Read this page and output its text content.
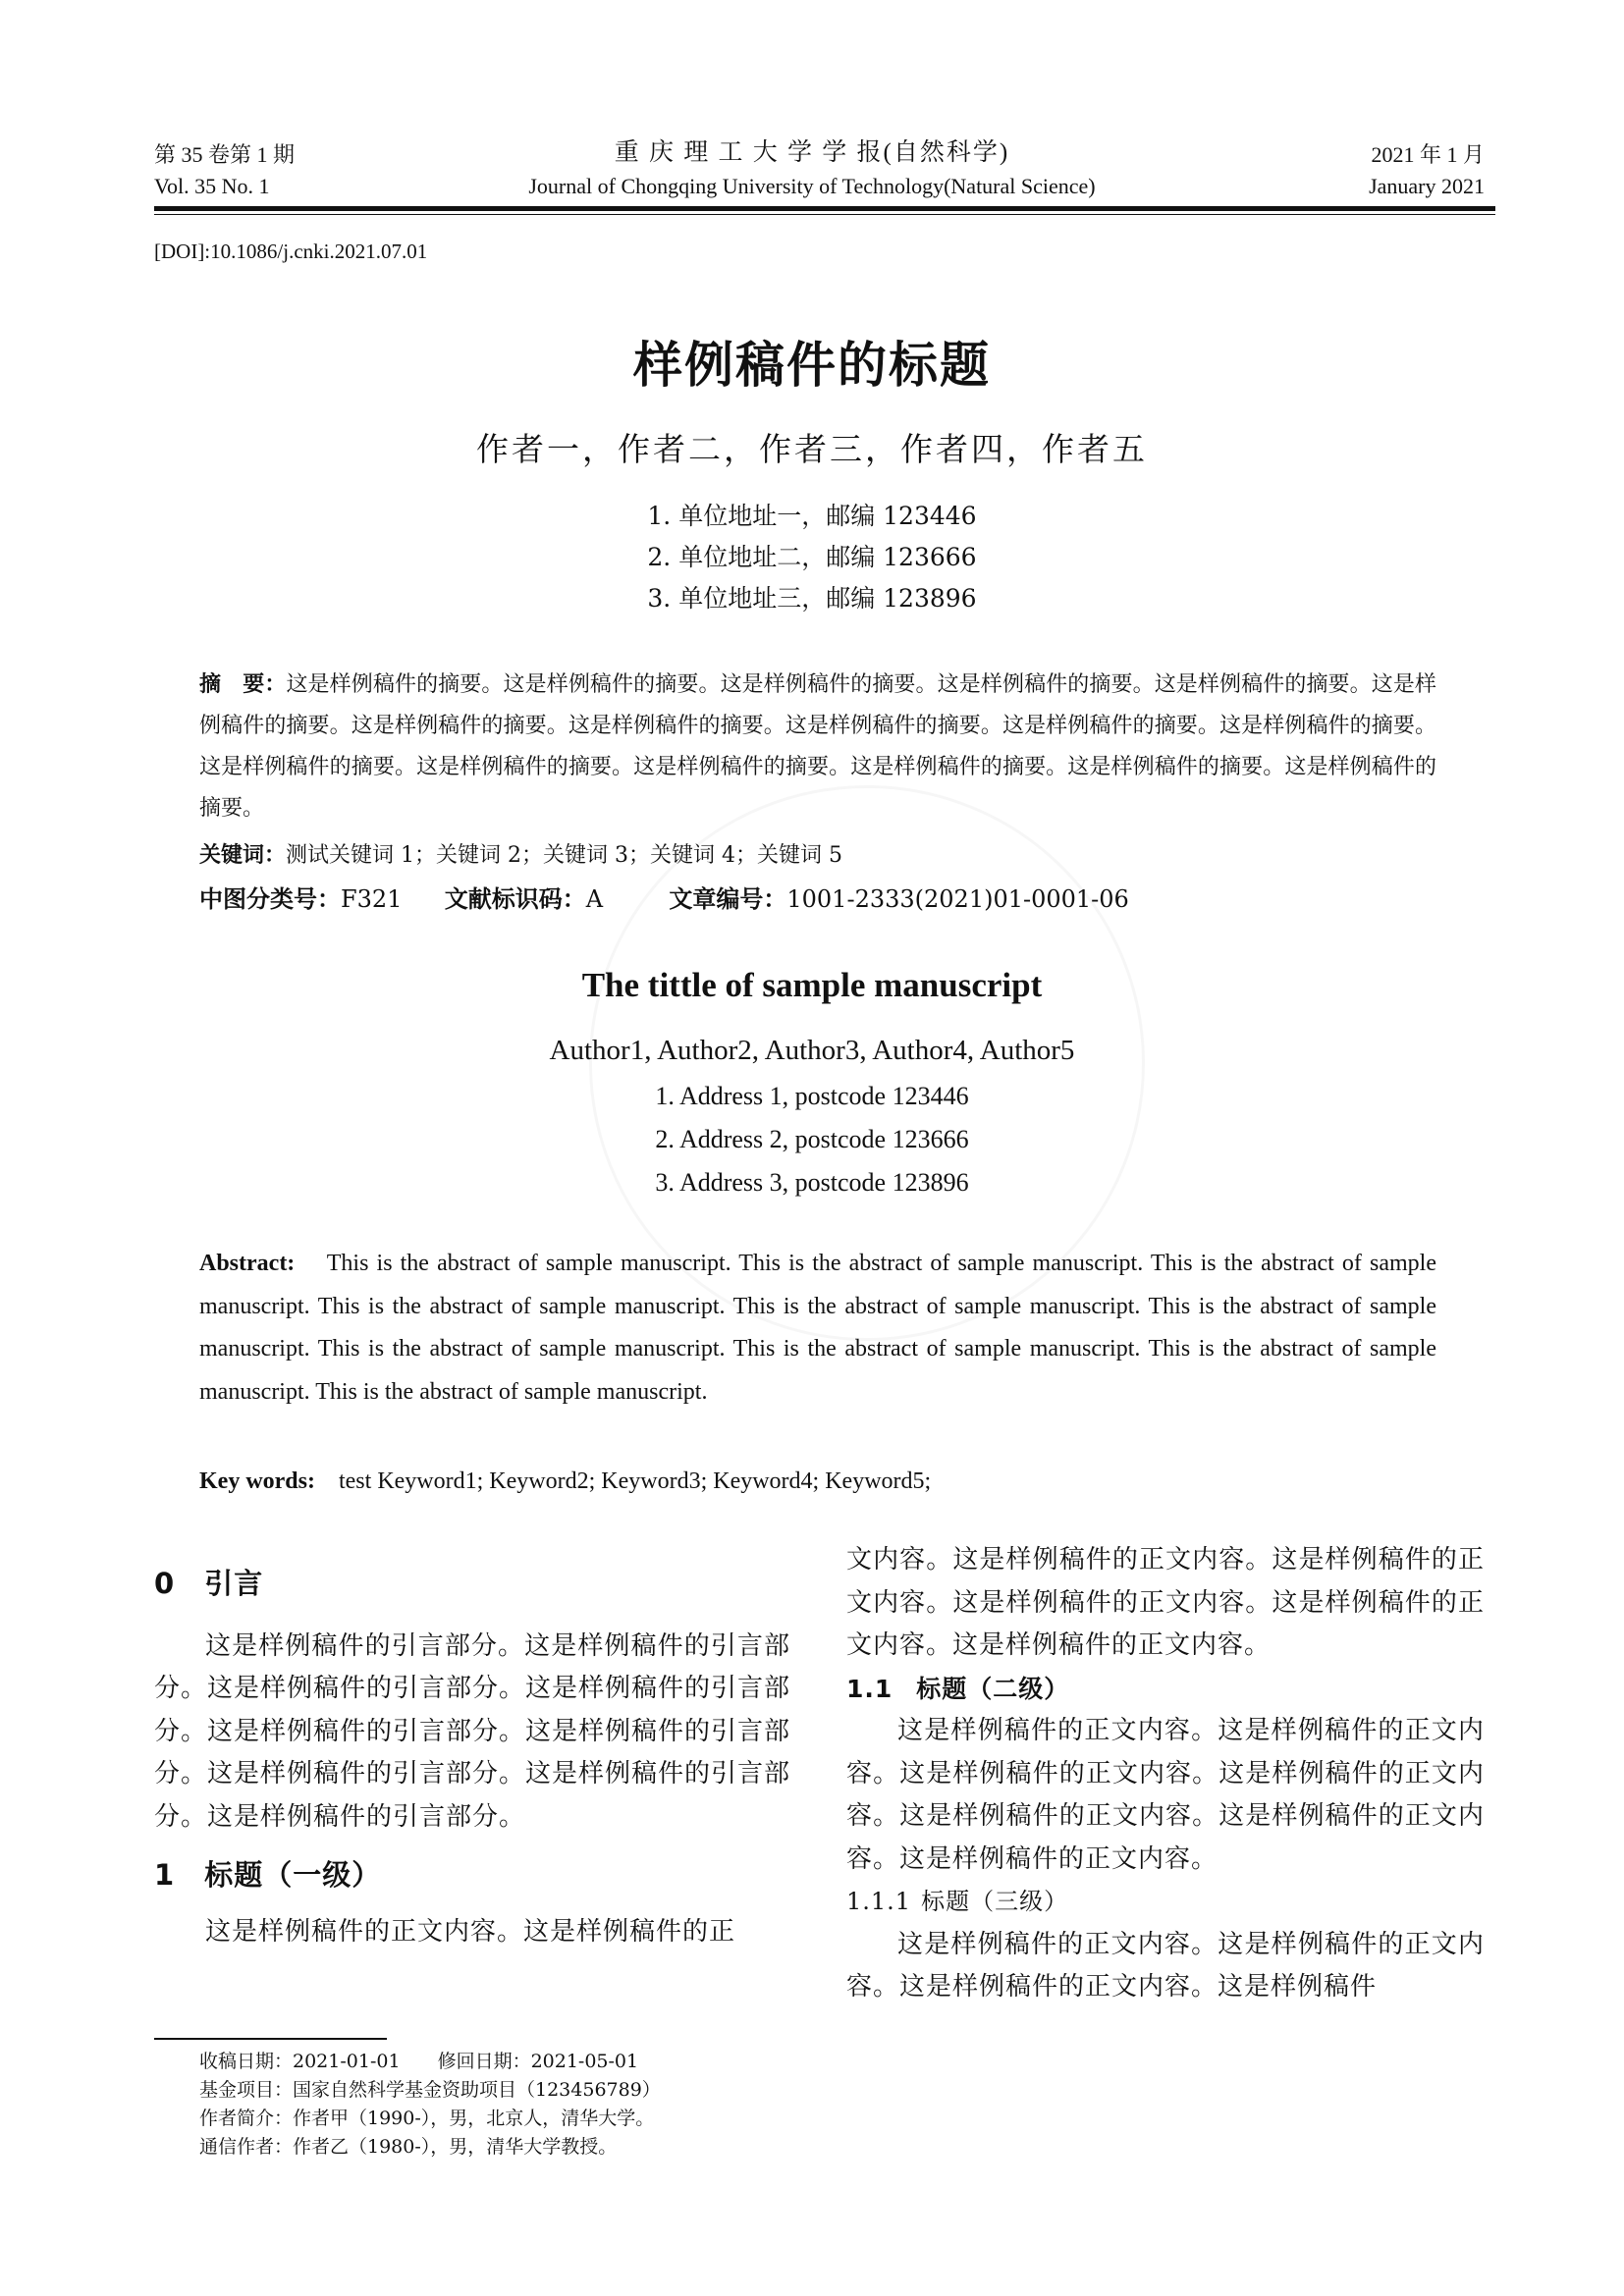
第 35 卷第 1 期
Vol. 35 No. 1
重 庆 理 工 大 学 学 报(自然科学)
Journal of Chongqing University of Technology(Natural Science)
2021 年 1 月
January 2021
[DOI]:10.1086/j.cnki.2021.07.01
样例稿件的标题
作者一，作者二，作者三，作者四，作者五
1. 单位地址一，邮编 123446
2. 单位地址二，邮编 123666
3. 单位地址三，邮编 123896
摘　要：这是样例稿件的摘要。这是样例稿件的摘要。这是样例稿件的摘要。这是样例稿件的摘要。这是样例稿件的摘要。这是样例稿件的摘要。这是样例稿件的摘要。这是样例稿件的摘要。这是样例稿件的摘要。这是样例稿件的摘要。这是样例稿件的摘要。这是样例稿件的摘要。这是样例稿件的摘要。这是样例稿件的摘要。这是样例稿件的摘要。这是样例稿件的摘要。这是样例稿件的摘要。
关键词：测试关键词 1；关键词 2；关键词 3；关键词 4；关键词 5
中图分类号：F321 文献标识码：A	文章编号：1001-2333(2021)01-0001-06
The tittle of sample manuscript
Author1, Author2, Author3, Author4, Author5
1. Address 1, postcode 123446
2. Address 2, postcode 123666
3. Address 3, postcode 123896
Abstract: This is the abstract of sample manuscript. This is the abstract of sample manuscript. This is the abstract of sample manuscript. This is the abstract of sample manuscript. This is the abstract of sample manuscript. This is the abstract of sample manuscript. This is the abstract of sample manuscript. This is the abstract of sample manuscript. This is the abstract of sample manuscript. This is the abstract of sample manuscript.
Key words: test Keyword1; Keyword2; Keyword3; Keyword4; Keyword5;
0 引言
这是样例稿件的引言部分。这是样例稿件的引言部分。这是样例稿件的引言部分。这是样例稿件的引言部分。这是样例稿件的引言部分。这是样例稿件的引言部分。这是样例稿件的引言部分。这是样例稿件的引言部分。这是样例稿件的引言部分。
1 标题（一级）
这是样例稿件的正文内容。这是样例稿件的正
文内容。这是样例稿件的正文内容。这是样例稿件的正文内容。这是样例稿件的正文内容。这是样例稿件的正文内容。这是样例稿件的正文内容。
1.1 标题（二级）
这是样例稿件的正文内容。这是样例稿件的正文内容。这是样例稿件的正文内容。这是样例稿件的正文内容。这是样例稿件的正文内容。这是样例稿件的正文内容。这是样例稿件的正文内容。
1.1.1 标题（三级）
这是样例稿件的正文内容。这是样例稿件的正文内容。这是样例稿件的正文内容。这是样例稿件
收稿日期：2021-01-01 修回日期：2021-05-01
基金项目：国家自然科学基金资助项目（123456789）
作者简介：作者甲（1990-），男，北京人，清华大学。
通信作者：作者乙（1980-），男，清华大学教授。
